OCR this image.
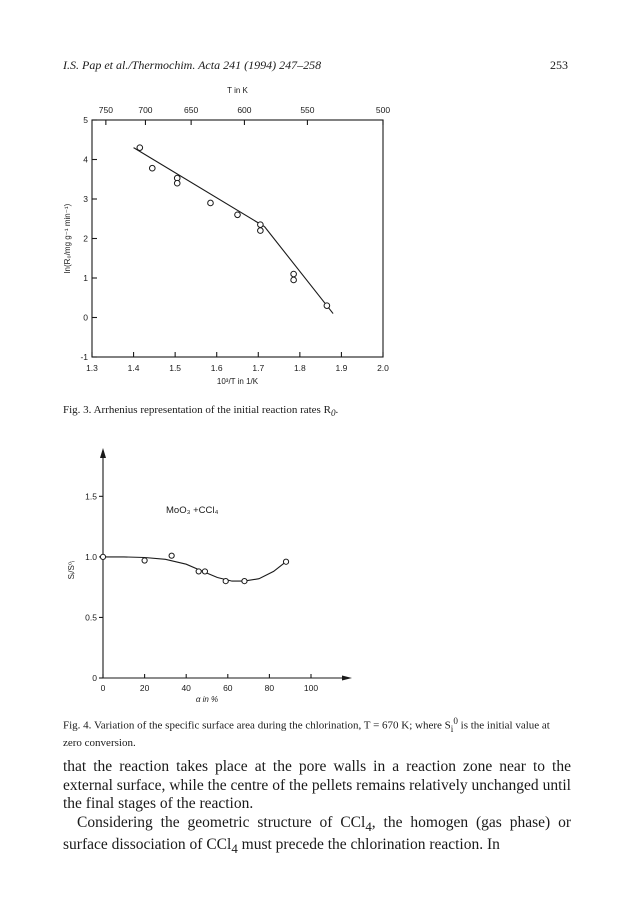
I.S. Pap et al./Thermochim. Acta 241 (1994) 247–258	253
1.3	1.4	1.5	1.6	1.7	1.8	1.9	2.0
-1
0
1
2
3
4
5
750	700	650	600	550	500
T in K
10³/T in 1/K
ln(R₀/mg g⁻¹ min⁻¹)
Fig. 3. Arrhenius representation of the initial reaction rates $R_0$.
0	20	40	60	80	100
0
0.5
1.0
1.5
α in %
Sᵢ/S⁰ᵢ
MoO₃ +CCl₄
Fig. 4. Variation of the specific surface area during the chlorination, T = 670 K; where $S_i^0$ is the initial value at zero conversion.

that the reaction takes place at the pore walls in a reaction zone near to the external surface, while the centre of the pellets remains relatively unchanged until the final stages of the reaction.

Considering the geometric structure of CCl$_4$, the homogen (gas phase) or surface dissociation of CCl$_4$ must precede the chlorination reaction. In
